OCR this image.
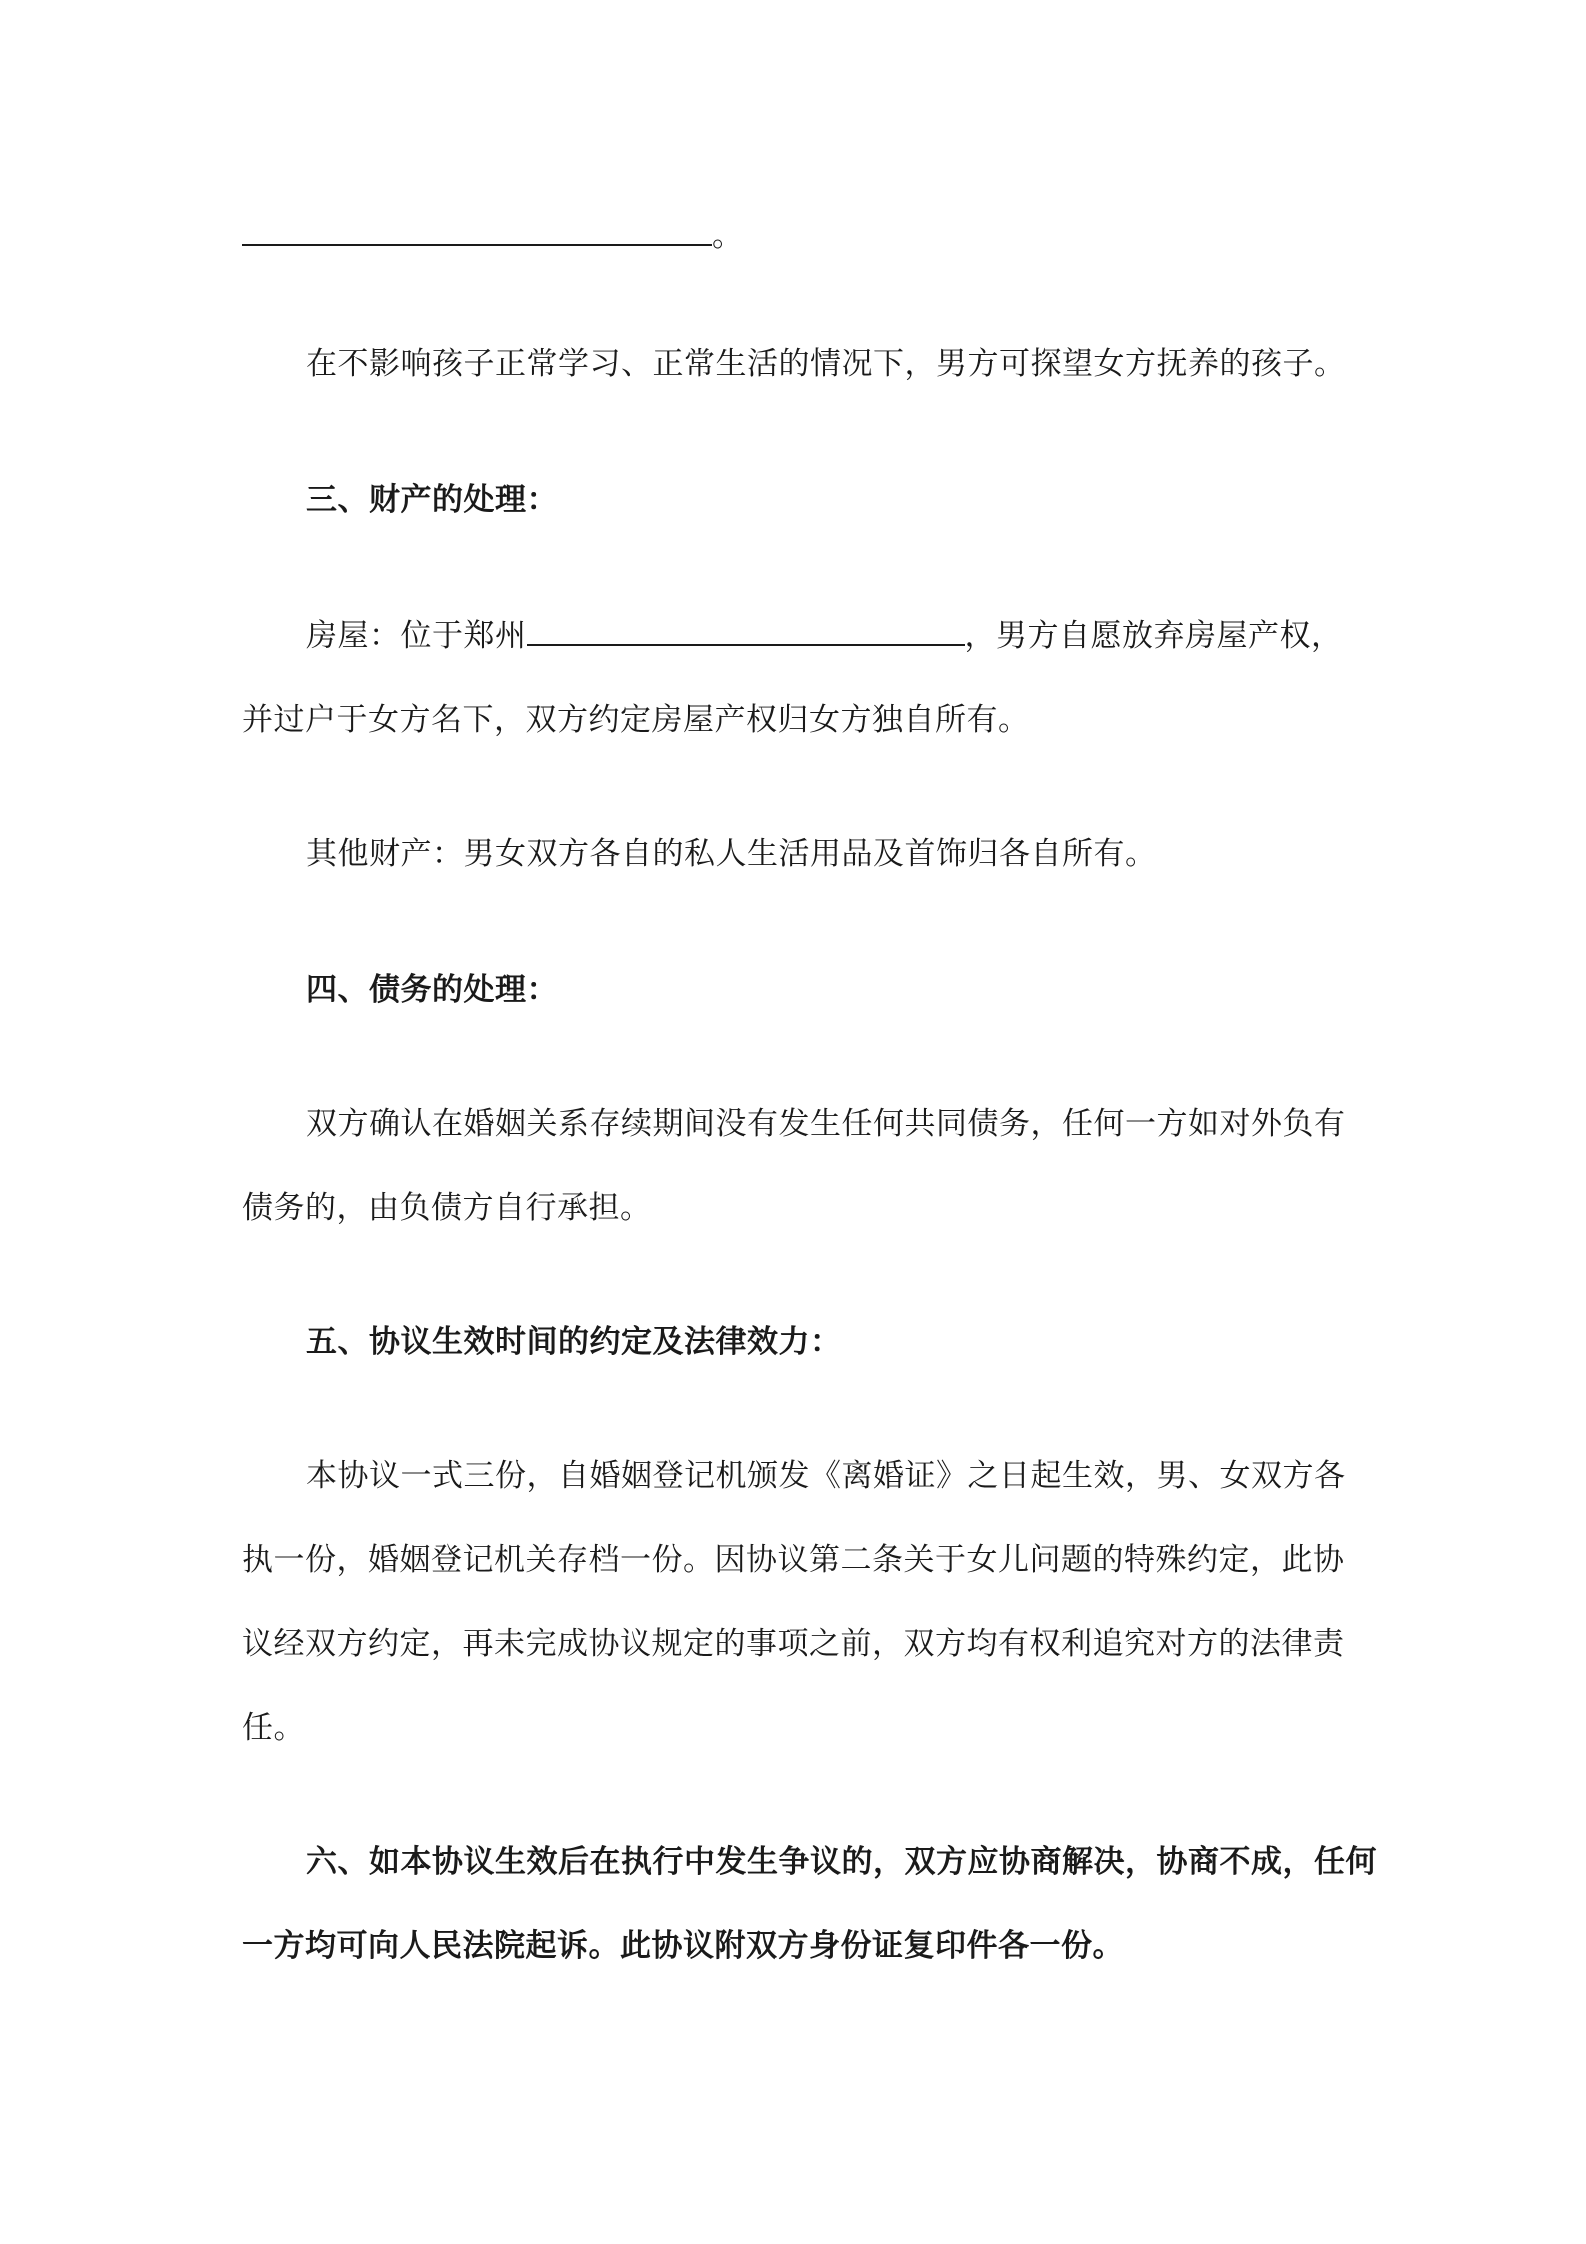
。
在不影响孩子正常学习、正常生活的情况下，男方可探望女方抚养的孩子。
三、财产的处理：
房屋：位于郑州	，男方自愿放弃房屋产权，
并过户于女方名下，双方约定房屋产权归女方独自所有。
其他财产：男女双方各自的私人生活用品及首饰归各自所有。
四、债务的处理：
双方确认在婚姻关系存续期间没有发生任何共同债务，任何一方如对外负有
债务的，由负债方自行承担。
五、协议生效时间的约定及法律效力：
本协议一式三份，自婚姻登记机颁发《离婚证》之日起生效，男、女双方各
执一份，婚姻登记机关存档一份。因协议第二条关于女儿问题的特殊约定，此协
议经双方约定，再未完成协议规定的事项之前，双方均有权利追究对方的法律责
任。
六、如本协议生效后在执行中发生争议的，双方应协商解决，协商不成，任何
一方均可向人民法院起诉。此协议附双方身份证复印件各一份。
